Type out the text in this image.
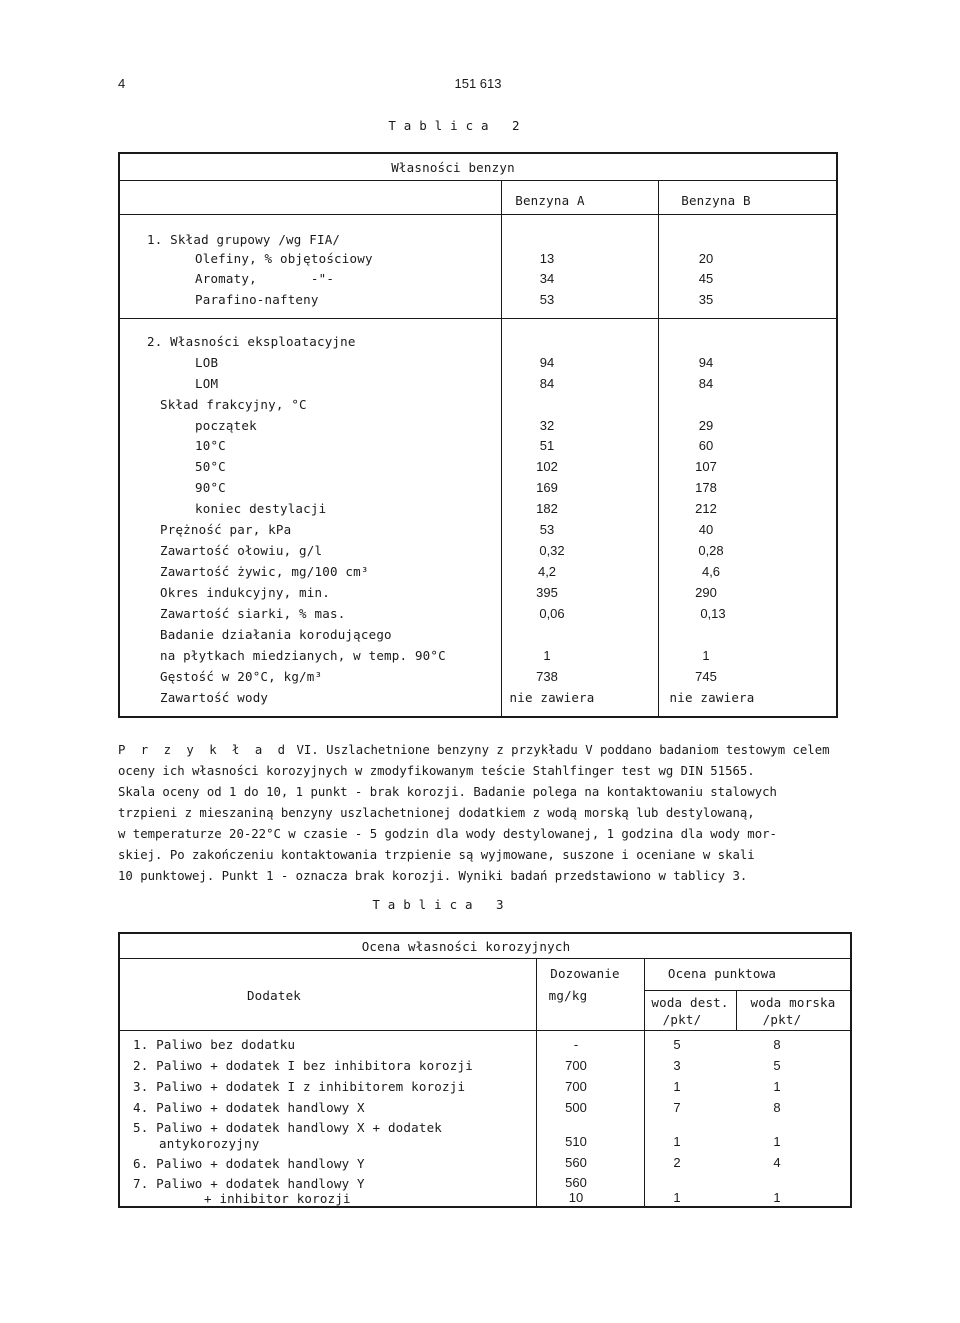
4	151 613
T a b l i c a   2
Własności benzyn
Benzyna A	Benzyna B
1. Skład grupowy /wg FIA/
Olefiny, % objętościowy
Aromaty,       -"-
Parafino-nafteny
2. Własności eksploatacyjne
LOB
LOM
Skład frakcyjny, °C
początek
10°C
50°C
90°C
koniec destylacji
Prężność par, kPa
Zawartość ołowiu, g/l
Zawartość żywic, mg/100 cm³
Okres indukcyjny, min.
Zawartość siarki, % mas.
Badanie działania korodującego
na płytkach miedzianych, w temp. 90°C
Gęstość w 20°C, kg/m³
Zawartość wody
13
34
53
94
84
32
51
102
169
182
53
0,32
4,2
395
0,06
1
738
nie zawiera
20
45
35
94
84
29
60
107
178
212
40
0,28
4,6
290
0,13
1
745
nie zawiera
P r z y k ł a d VI. Uszlachetnione benzyny z przykładu V poddano badaniom testowym celem
oceny ich własności korozyjnych w zmodyfikowanym teście Stahlfinger test wg DIN 51565.
Skala oceny od 1 do 10, 1 punkt - brak korozji. Badanie polega na kontaktowaniu stalowych
trzpieni z mieszaniną benzyny uszlachetnionej dodatkiem z wodą morską lub destylowaną,
w temperaturze 20-22°C w czasie - 5 godzin dla wody destylowanej, 1 godzina dla wody mor-
skiej. Po zakończeniu kontaktowania trzpienie są wyjmowane, suszone i oceniane w skali
10 punktowej. Punkt 1 - oznacza brak korozji. Wyniki badań przedstawiono w tablicy 3.
T a b l i c a   3
Ocena własności korozyjnych
Dodatek
Dozowanie
mg/kg
Ocena punktowa
woda dest.
/pkt/
woda morska
/pkt/
1. Paliwo bez dodatku
2. Paliwo + dodatek I bez inhibitora korozji
3. Paliwo + dodatek I z inhibitorem korozji
4. Paliwo + dodatek handlowy X
5. Paliwo + dodatek handlowy X + dodatek
antykorozyjny
6. Paliwo + dodatek handlowy Y
7. Paliwo + dodatek handlowy Y
+ inhibitor korozji
-
700
700
500
510
560
560
10
5
3
1
7
1
2
1
8
5
1
8
1
4
1
